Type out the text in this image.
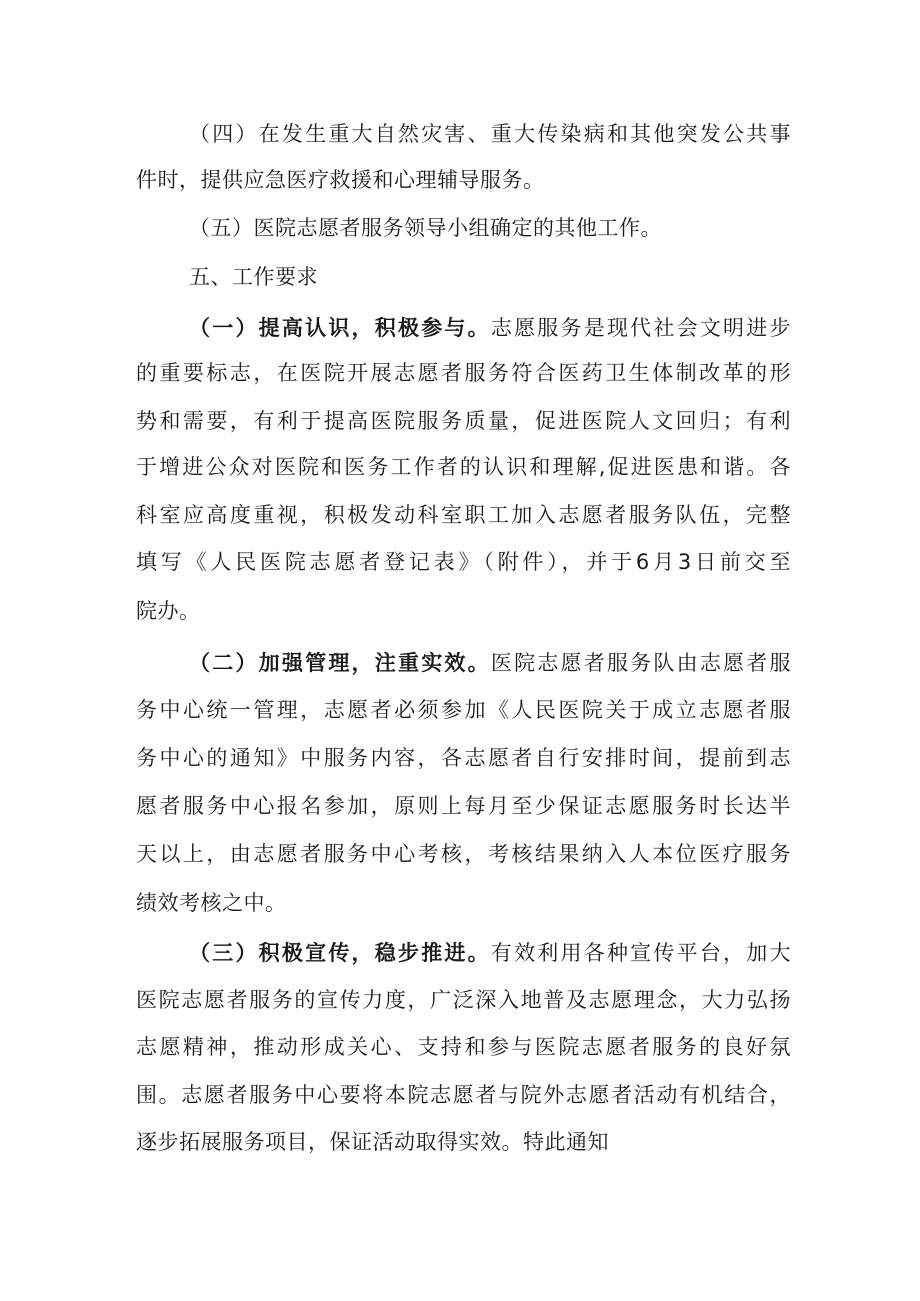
（四）在发生重大自然灾害、重大传染病和其他突发公共事
件时，提供应急医疗救援和心理辅导服务。
（五）医院志愿者服务领导小组确定的其他工作。
五、工作要求
（一）提高认识，积极参与。志愿服务是现代社会文明进步
的重要标志，在医院开展志愿者服务符合医药卫生体制改革的形
势和需要，有利于提高医院服务质量，促进医院人文回归；有利
于增进公众对医院和医务工作者的认识和理解,促进医患和谐。各
科室应高度重视，积极发动科室职工加入志愿者服务队伍，完整
填写《人民医院志愿者登记表》（附件），并于6月3日前交至
院办。
（二）加强管理，注重实效。医院志愿者服务队由志愿者服
务中心统一管理，志愿者必须参加《人民医院关于成立志愿者服
务中心的通知》中服务内容，各志愿者自行安排时间，提前到志
愿者服务中心报名参加，原则上每月至少保证志愿服务时长达半
天以上，由志愿者服务中心考核，考核结果纳入人本位医疗服务
绩效考核之中。
（三）积极宣传，稳步推进。有效利用各种宣传平台，加大
医院志愿者服务的宣传力度，广泛深入地普及志愿理念，大力弘扬
志愿精神，推动形成关心、支持和参与医院志愿者服务的良好氛
围。志愿者服务中心要将本院志愿者与院外志愿者活动有机结合，
逐步拓展服务项目，保证活动取得实效。特此通知
